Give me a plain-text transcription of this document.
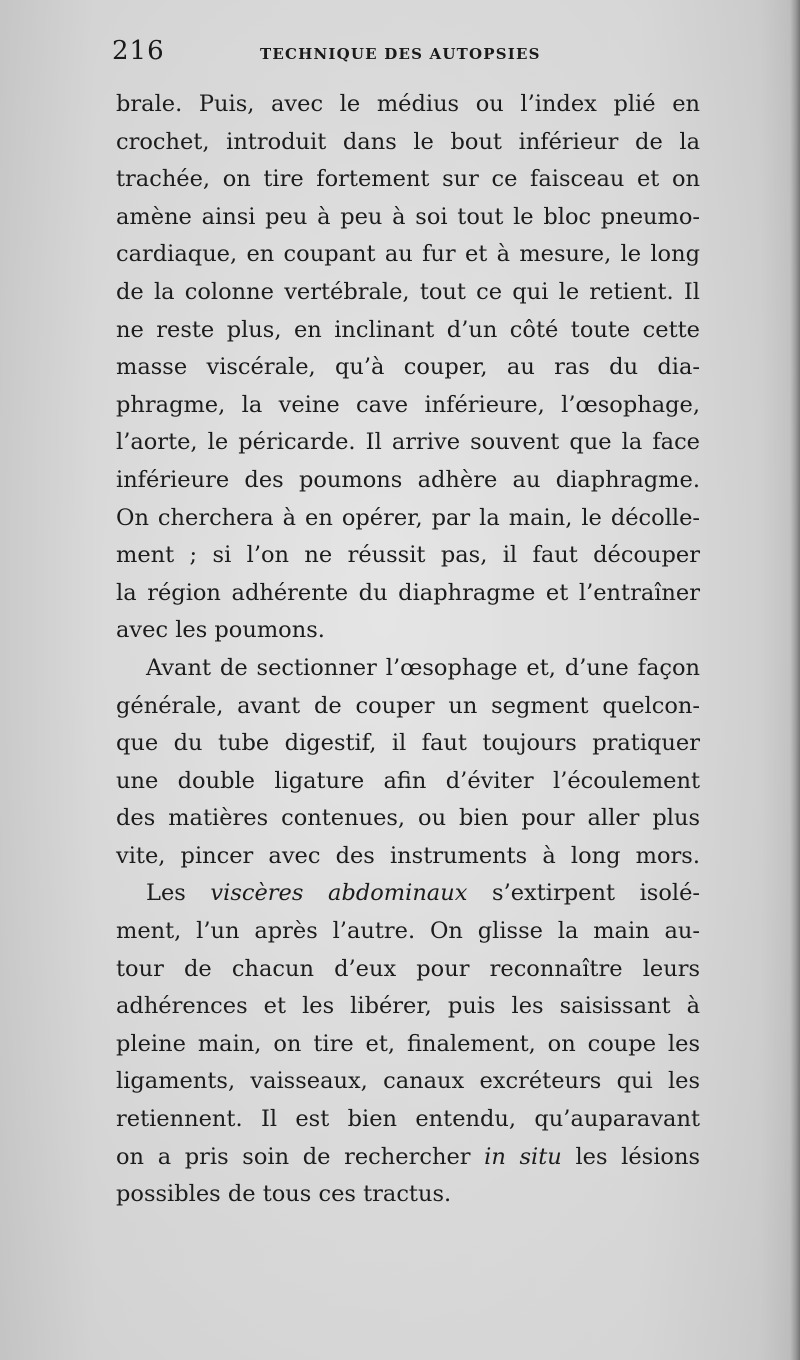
216	TECHNIQUE DES AUTOPSIES
brale. Puis, avec le médius ou l’index plié en
crochet, introduit dans le bout inférieur de la
trachée, on tire fortement sur ce faisceau et on
amène ainsi peu à peu à soi tout le bloc pneumo-
cardiaque, en coupant au fur et à mesure, le long
de la colonne vertébrale, tout ce qui le retient. Il
ne reste plus, en inclinant d’un côté toute cette
masse viscérale, qu’à couper, au ras du dia-
phragme, la veine cave inférieure, l’œsophage,
l’aorte, le péricarde. Il arrive souvent que la face
inférieure des poumons adhère au diaphragme.
On cherchera à en opérer, par la main, le décolle-
ment ; si l’on ne réussit pas, il faut découper
la région adhérente du diaphragme et l’entraîner
avec les poumons.
Avant de sectionner l’œsophage et, d’une façon
générale, avant de couper un segment quelcon-
que du tube digestif, il faut toujours pratiquer
une double ligature afin d’éviter l’écoulement
des matières contenues, ou bien pour aller plus
vite, pincer avec des instruments à long mors.
Les viscères abdominaux s’extirpent isolé-
ment, l’un après l’autre. On glisse la main au-
tour de chacun d’eux pour reconnaître leurs
adhérences et les libérer, puis les saisissant à
pleine main, on tire et, finalement, on coupe les
ligaments, vaisseaux, canaux excréteurs qui les
retiennent. Il est bien entendu, qu’auparavant
on a pris soin de rechercher in situ les lésions
possibles de tous ces tractus.
